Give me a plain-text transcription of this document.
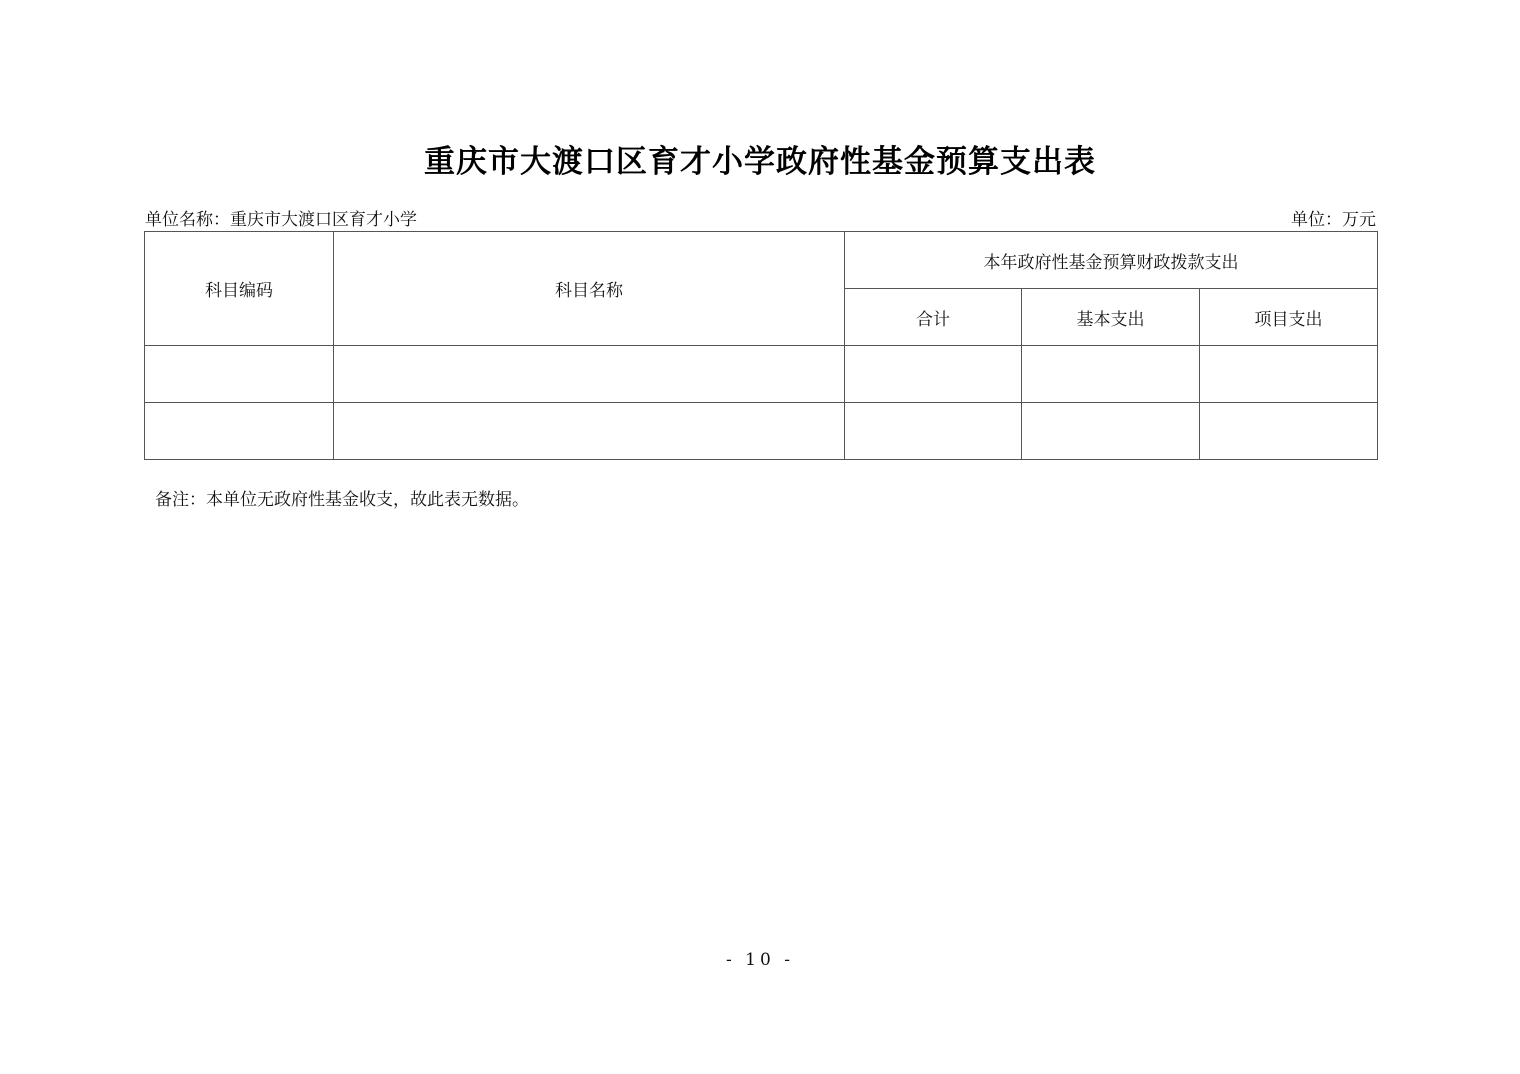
重庆市大渡口区育才小学政府性基金预算支出表
单位名称：重庆市大渡口区育才小学	单位：万元
科目编码	科目名称	本年政府性基金预算财政拨款支出		
		合计	基本支出	项目支出

备注：本单位无政府性基金收支，故此表无数据。
- 10 -
